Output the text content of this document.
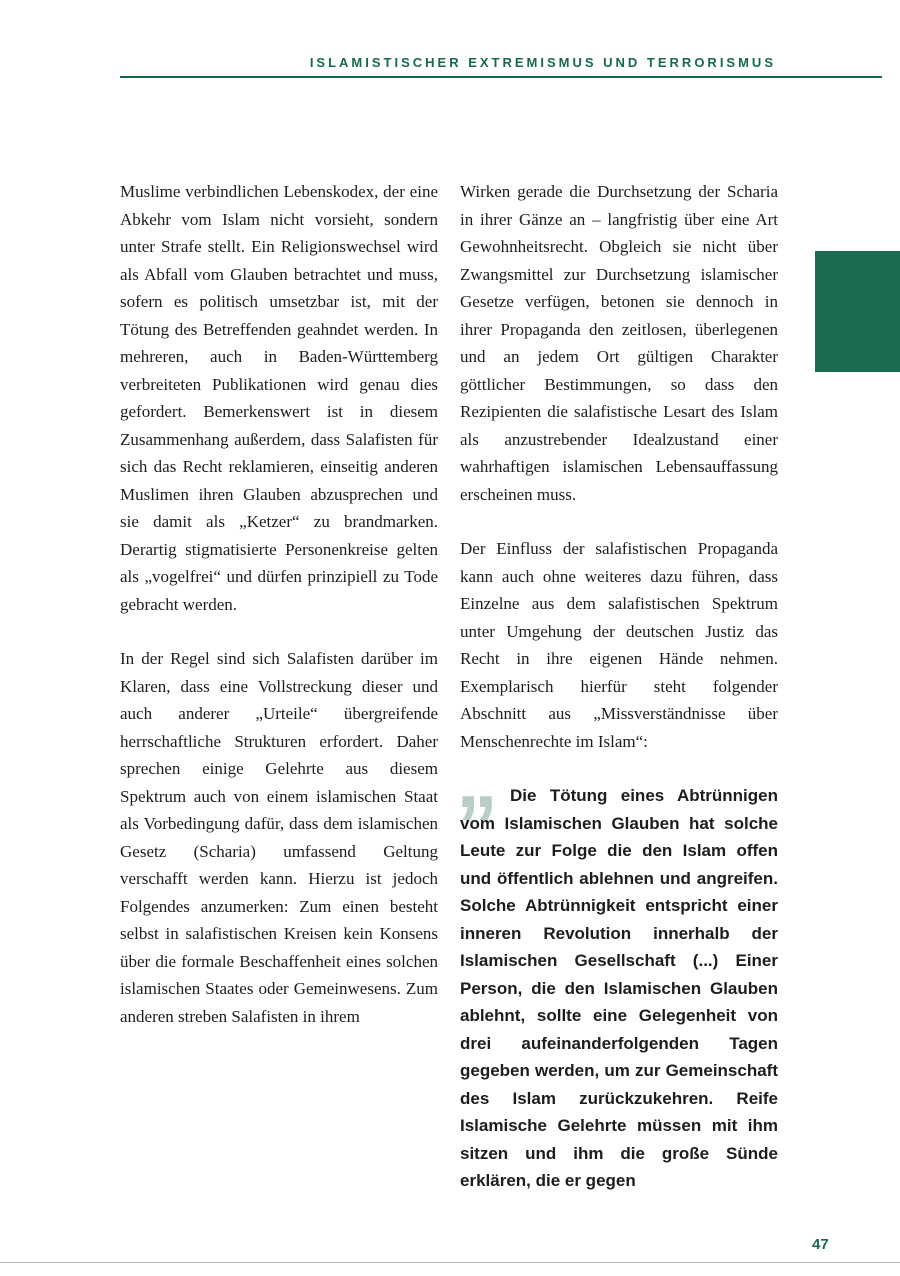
ISLAMISTISCHER EXTREMISMUS UND TERRORISMUS

Muslime verbindlichen Lebenskodex, der eine Abkehr vom Islam nicht vorsieht, sondern unter Strafe stellt. Ein Religionswechsel wird als Abfall vom Glauben betrachtet und muss, sofern es politisch umsetzbar ist, mit der Tötung des Betreffenden geahndet werden. In mehreren, auch in Baden-Württemberg verbreiteten Publikationen wird genau dies gefordert. Bemerkenswert ist in diesem Zusammenhang außerdem, dass Salafisten für sich das Recht reklamieren, einseitig anderen Muslimen ihren Glauben abzusprechen und sie damit als „Ketzer“ zu brandmarken. Derartig stigmatisierte Personenkreise gelten als „vogelfrei“ und dürfen prinzipiell zu Tode gebracht werden.

In der Regel sind sich Salafisten darüber im Klaren, dass eine Vollstreckung dieser und auch anderer „Urteile“ übergreifende herrschaftliche Strukturen erfordert. Daher sprechen einige Gelehrte aus diesem Spektrum auch von einem islamischen Staat als Vorbedingung dafür, dass dem islamischen Gesetz (Scharia) umfassend Geltung verschafft werden kann. Hierzu ist jedoch Folgendes anzumerken: Zum einen besteht selbst in salafistischen Kreisen kein Konsens über die formale Beschaffenheit eines solchen islamischen Staates oder Gemeinwesens. Zum anderen streben Salafisten in ihrem

Wirken gerade die Durchsetzung der Scharia in ihrer Gänze an – langfristig über eine Art Gewohnheitsrecht. Obgleich sie nicht über Zwangsmittel zur Durchsetzung islamischer Gesetze verfügen, betonen sie dennoch in ihrer Propaganda den zeitlosen, überlegenen und an jedem Ort gültigen Charakter göttlicher Bestimmungen, so dass den Rezipienten die salafistische Lesart des Islam als anzustrebender Idealzustand einer wahrhaftigen islamischen Lebensauffassung erscheinen muss.

Der Einfluss der salafistischen Propaganda kann auch ohne weiteres dazu führen, dass Einzelne aus dem salafistischen Spektrum unter Umgehung der deutschen Justiz das Recht in ihre eigenen Hände nehmen. Exemplarisch hierfür steht folgender Abschnitt aus „Missverständnisse über Menschenrechte im Islam“:

„ Die Tötung eines Abtrünnigen vom Islamischen Glauben hat solche Leute zur Folge die den Islam offen und öffentlich ablehnen und angreifen. Solche Abtrünnigkeit entspricht einer inneren Revolution innerhalb der Islamischen Gesellschaft (...) Einer Person, die den Islamischen Glauben ablehnt, sollte eine Gelegenheit von drei aufeinanderfolgenden Tagen gegeben werden, um zur Gemeinschaft des Islam zurückzukehren. Reife Islamische Gelehrte müssen mit ihm sitzen und ihm die große Sünde erklären, die er gegen

47
